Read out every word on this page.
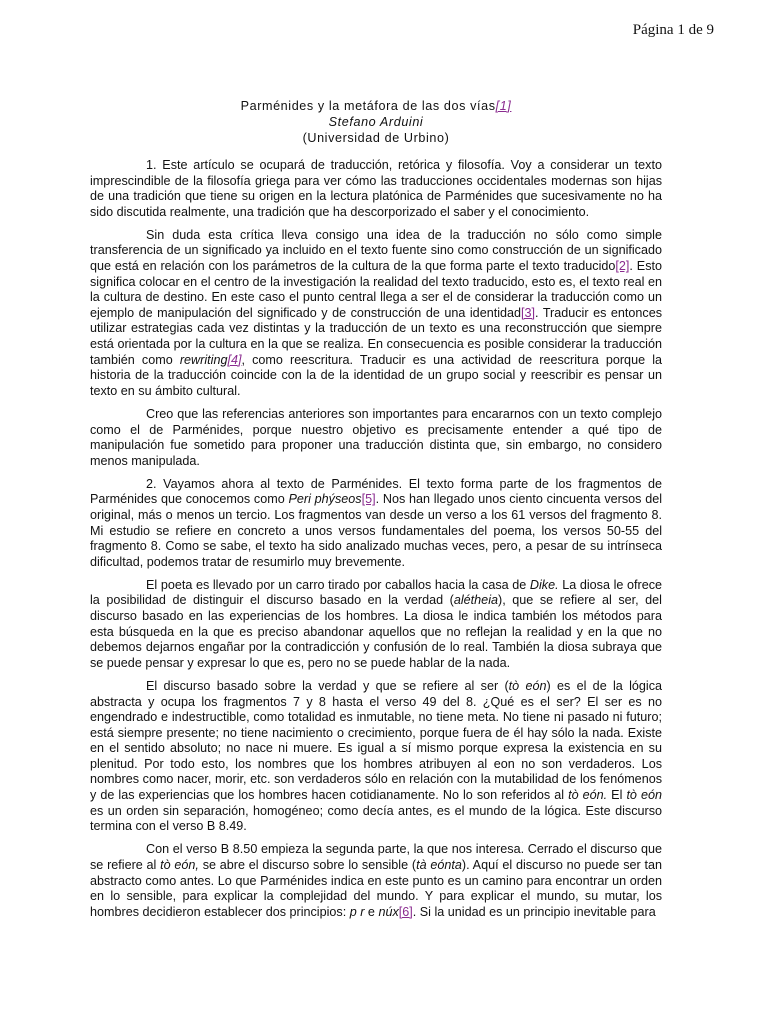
Página 1 de 9
Parménides y la metáfora de las dos vías[1]
Stefano Arduini
(Universidad de Urbino)

1. Este artículo se ocupará de traducción, retórica y filosofía. Voy a considerar un texto imprescindible de la filosofía griega para ver cómo las traducciones occidentales modernas son hijas de una tradición que tiene su origen en la lectura platónica de Parménides que sucesivamente no ha sido discutida realmente, una tradición que ha descorporizado el saber y el conocimiento.

Sin duda esta crítica lleva consigo una idea de la traducción no sólo como simple transferencia de un significado ya incluido en el texto fuente sino como construcción de un significado que está en relación con los parámetros de la cultura de la que forma parte el texto traducido[2]. Esto significa colocar en el centro de la investigación la realidad del texto traducido, esto es, el texto real en la cultura de destino. En este caso el punto central llega a ser el de considerar la traducción como un ejemplo de manipulación del significado y de construcción de una identidad[3]. Traducir es entonces utilizar estrategias cada vez distintas y la traducción de un texto es una reconstrucción que siempre está orientada por la cultura en la que se realiza. En consecuencia es posible considerar la traducción también como rewriting[4], como reescritura. Traducir es una actividad de reescritura porque la historia de la traducción coincide con la de la identidad de un grupo social y reescribir es pensar un texto en su ámbito cultural.

Creo que las referencias anteriores son importantes para encararnos con un texto complejo como el de Parménides, porque nuestro objetivo es precisamente entender a qué tipo de manipulación fue sometido para proponer una traducción distinta que, sin embargo, no considero menos manipulada.

2. Vayamos ahora al texto de Parménides. El texto forma parte de los fragmentos de Parménides que conocemos como Peri phýseos[5]. Nos han llegado unos ciento cincuenta versos del original, más o menos un tercio. Los fragmentos van desde un verso a los 61 versos del fragmento 8. Mi estudio se refiere en concreto a unos versos fundamentales del poema, los versos 50-55 del fragmento 8. Como se sabe, el texto ha sido analizado muchas veces, pero, a pesar de su intrínseca dificultad, podemos tratar de resumirlo muy brevemente.

El poeta es llevado por un carro tirado por caballos hacia la casa de Dike. La diosa le ofrece la posibilidad de distinguir el discurso basado en la verdad (alétheia), que se refiere al ser, del discurso basado en las experiencias de los hombres. La diosa le indica también los métodos para esta búsqueda en la que es preciso abandonar aquellos que no reflejan la realidad y en la que no debemos dejarnos engañar por la contradicción y confusión de lo real. También la diosa subraya que se puede pensar y expresar lo que es, pero no se puede hablar de la nada.

El discurso basado sobre la verdad y que se refiere al ser (tò eón) es el de la lógica abstracta y ocupa los fragmentos 7 y 8 hasta el verso 49 del 8. ¿Qué es el ser? El ser es no engendrado e indestructible, como totalidad es inmutable, no tiene meta. No tiene ni pasado ni futuro; está siempre presente; no tiene nacimiento o crecimiento, porque fuera de él hay sólo la nada. Existe en el sentido absoluto; no nace ni muere. Es igual a sí mismo porque expresa la existencia en su plenitud. Por todo esto, los nombres que los hombres atribuyen al eon no son verdaderos. Los nombres como nacer, morir, etc. son verdaderos sólo en relación con la mutabilidad de los fenómenos y de las experiencias que los hombres hacen cotidianamente. No lo son referidos al tò eón. El tò eón es un orden sin separación, homogéneo; como decía antes, es el mundo de la lógica. Este discurso termina con el verso B 8.49.

Con el verso B 8.50 empieza la segunda parte, la que nos interesa. Cerrado el discurso que se refiere al tò eón, se abre el discurso sobre lo sensible (tà eónta). Aquí el discurso no puede ser tan abstracto como antes. Lo que Parménides indica en este punto es un camino para encontrar un orden en lo sensible, para explicar la complejidad del mundo. Y para explicar el mundo, su mutar, los hombres decidieron establecer dos principios: p r e núx[6]. Si la unidad es un principio inevitable para
